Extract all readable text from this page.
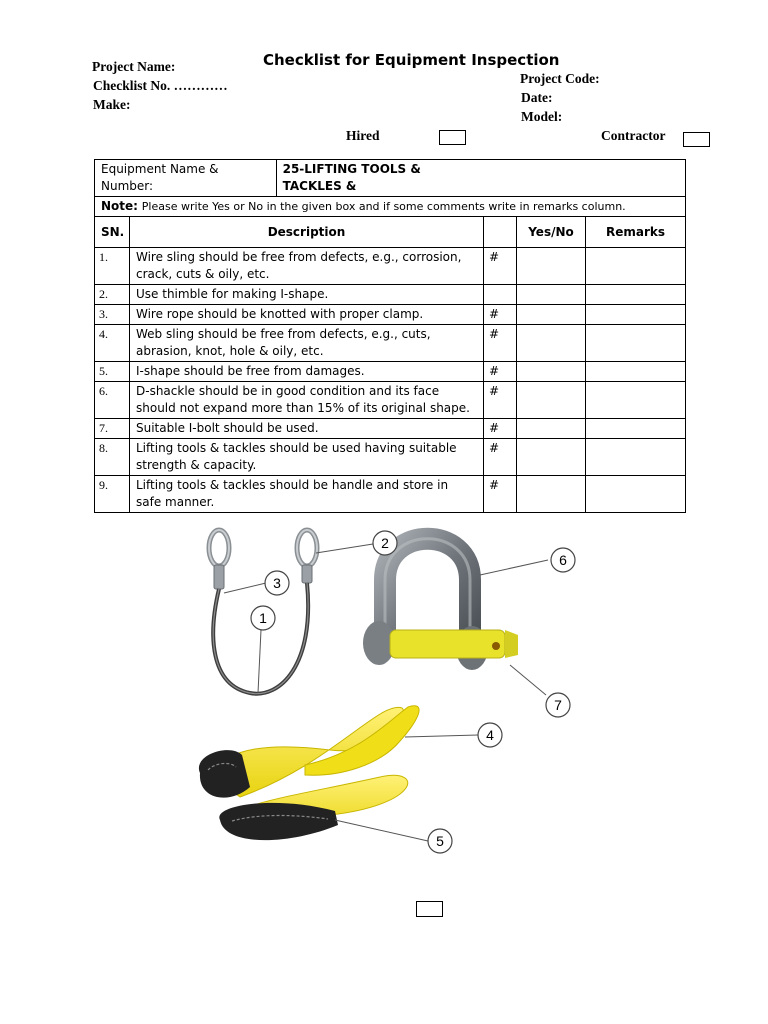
Checklist for Equipment Inspection
Project Name:
Checklist No. …………
Make:
Project Code:
Date:
Model:
Hired	Contractor
Equipment Name & Number:
25-LIFTING TOOLS & TACKLES &				

Note: Please write Yes or No in the given box and if some comments write in remarks column.				
SN.	Description		Yes/No	Remarks
1.	Wire sling should be free from defects, e.g., corrosion, crack, cuts & oily, etc.	#		
2.	Use thimble for making I-shape.			
3.	Wire rope should be knotted with proper clamp.	#		
4.	Web sling should be free from defects, e.g., cuts, abrasion, knot, hole & oily, etc.	#		
5.	I-shape should be free from damages.	#		
6.	D-shackle should be in good condition and its face should not expand more than 15% of its original shape.	#		
7.	Suitable I-bolt should be used.	#		
8.	Lifting tools & tackles should be used having suitable strength & capacity.	#		
9.	Lifting tools & tackles should be handle and store in safe manner.	#		
1
2
3
4
5
6
7
